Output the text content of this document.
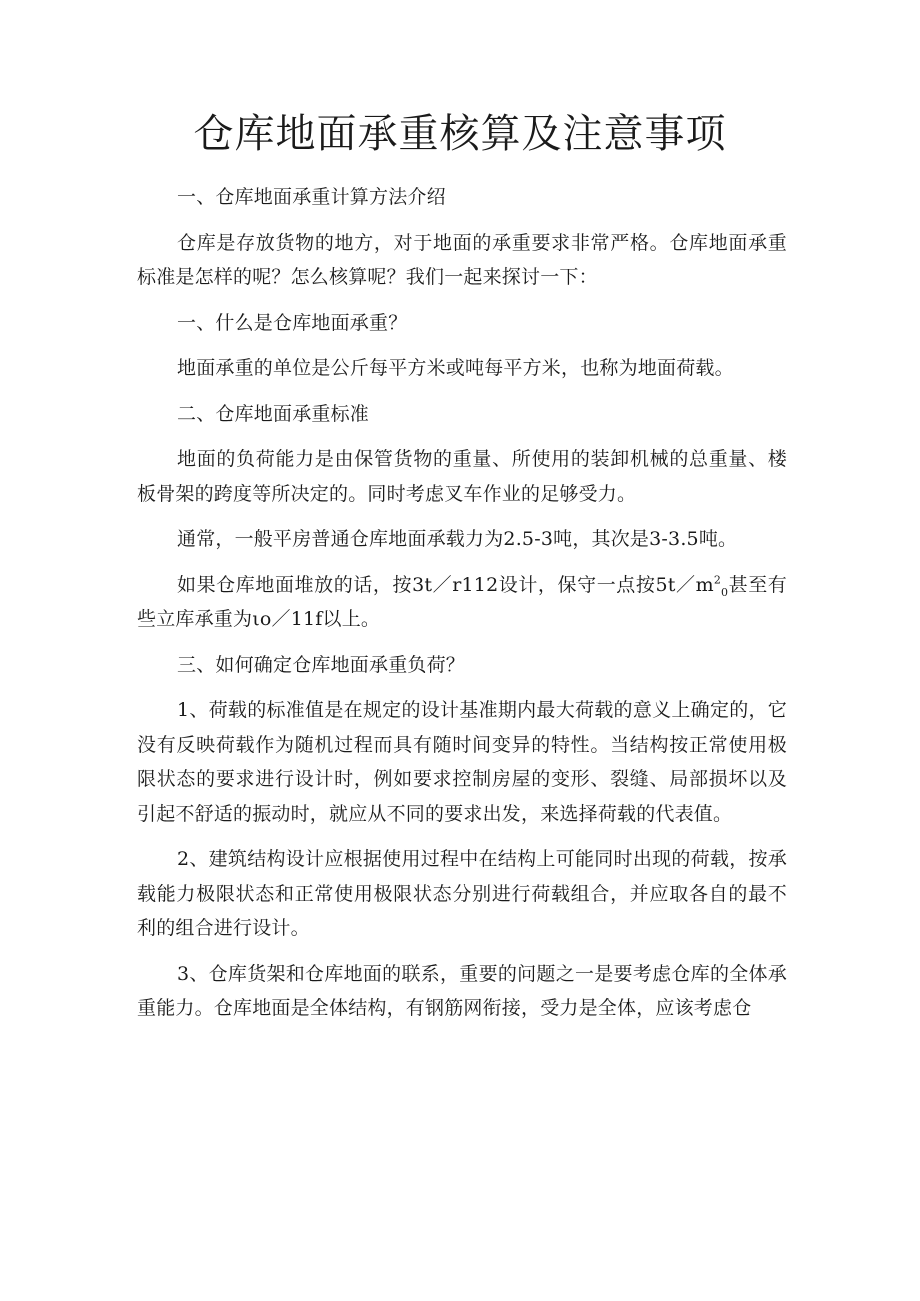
仓库地面承重核算及注意事项

一、仓库地面承重计算方法介绍

仓库是存放货物的地方，对于地面的承重要求非常严格。仓库地面承重标准是怎样的呢？怎么核算呢？我们一起来探讨一下：

一、什么是仓库地面承重？

地面承重的单位是公斤每平方米或吨每平方米，也称为地面荷载。

二、仓库地面承重标准

地面的负荷能力是由保管货物的重量、所使用的装卸机械的总重量、楼板骨架的跨度等所决定的。同时考虑叉车作业的足够受力。

通常，一般平房普通仓库地面承载力为2.5-3吨，其次是3-3.5吨。

如果仓库地面堆放的话，按3t／r112设计，保守一点按$5t/m^2_0$甚至有些立库承重为ιo／11f以上。

三、如何确定仓库地面承重负荷？

1、荷载的标准值是在规定的设计基准期内最大荷载的意义上确定的，它没有反映荷载作为随机过程而具有随时间变异的特性。当结构按正常使用极限状态的要求进行设计时，例如要求控制房屋的变形、裂缝、局部损坏以及引起不舒适的振动时，就应从不同的要求出发，来选择荷载的代表值。

2、建筑结构设计应根据使用过程中在结构上可能同时出现的荷载，按承载能力极限状态和正常使用极限状态分别进行荷载组合，并应取各自的最不利的组合进行设计。

3、仓库货架和仓库地面的联系，重要的问题之一是要考虑仓库的全体承重能力。仓库地面是全体结构，有钢筋网衔接，受力是全体，应该考虑仓
